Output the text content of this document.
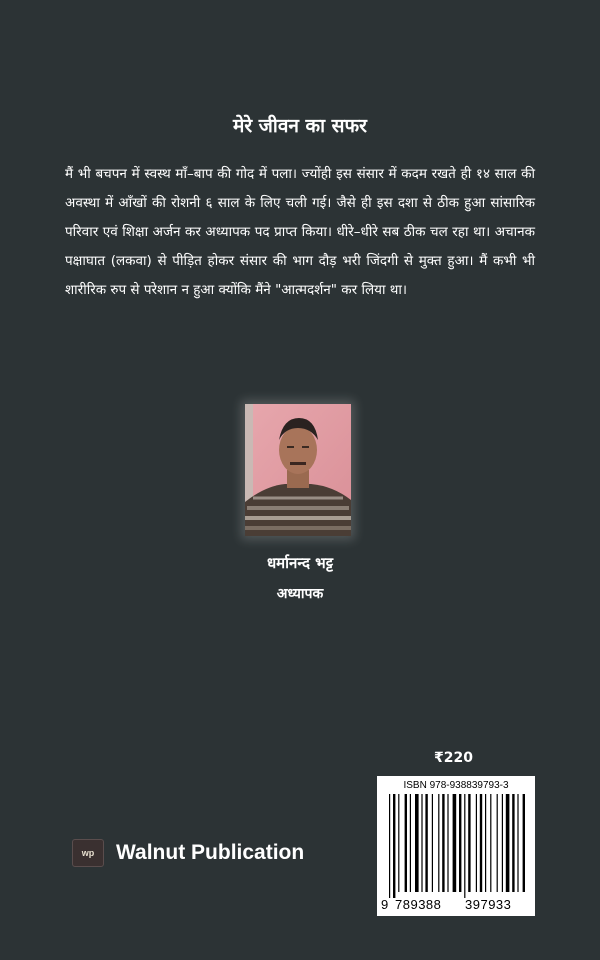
मेरे जीवन का सफर
मैं भी बचपन में स्वस्थ माँ–बाप की गोद में पला। ज्योंही इस संसार में कदम रखते ही १४ साल की अवस्था में आँखों की रोशनी ६ साल के लिए चली गई। जैसे ही इस दशा से ठीक हुआ सांसारिक परिवार एवं शिक्षा अर्जन कर अध्यापक पद प्राप्त किया। धीरे–धीरे सब ठीक चल रहा था। अचानक पक्षाघात (लकवा) से पीड़ित होकर संसार की भाग दौड़ भरी जिंदगी से मुक्त हुआ। मैं कभी भी शारीरिक रुप से परेशान न हुआ क्योंकि मैंने "आत्मदर्शन" कर लिया था।
धर्मानन्द भट्ट
अध्यापक
₹220
ISBN 978-938839793-3
9 789388 397933
wp	Walnut Publication
